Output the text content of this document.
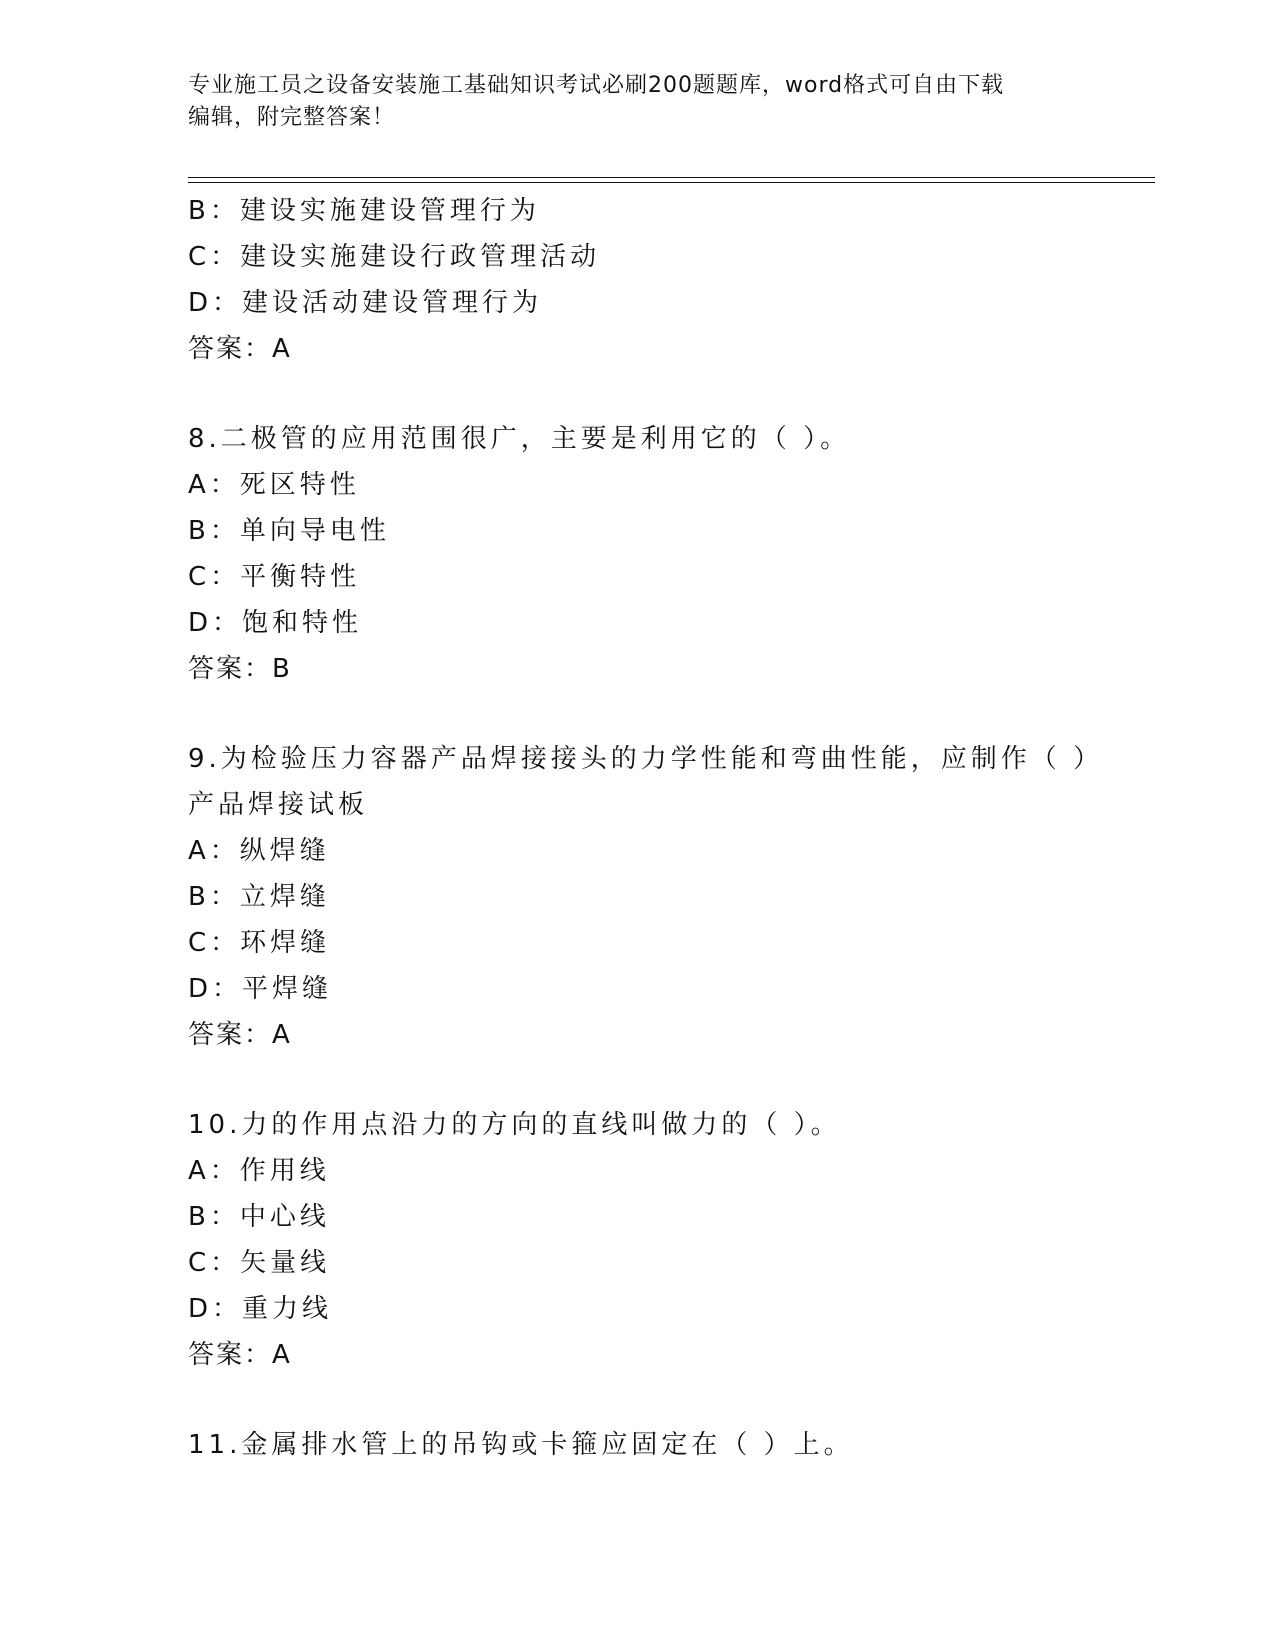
专业施工员之设备安装施工基础知识考试必刷200题题库，word格式可自由下载
编辑，附完整答案！
B：建设实施建设管理行为
C：建设实施建设行政管理活动
D：建设活动建设管理行为
答案：A
8.二极管的应用范围很广，主要是利用它的（ ）。
A：死区特性
B：单向导电性
C：平衡特性
D：饱和特性
答案：B
9.为检验压力容器产品焊接接头的力学性能和弯曲性能，应制作（ ）
产品焊接试板
A：纵焊缝
B：立焊缝
C：环焊缝
D：平焊缝
答案：A
10.力的作用点沿力的方向的直线叫做力的（ ）。
A：作用线
B：中心线
C：矢量线
D：重力线
答案：A
11.金属排水管上的吊钩或卡箍应固定在（ ）上。
